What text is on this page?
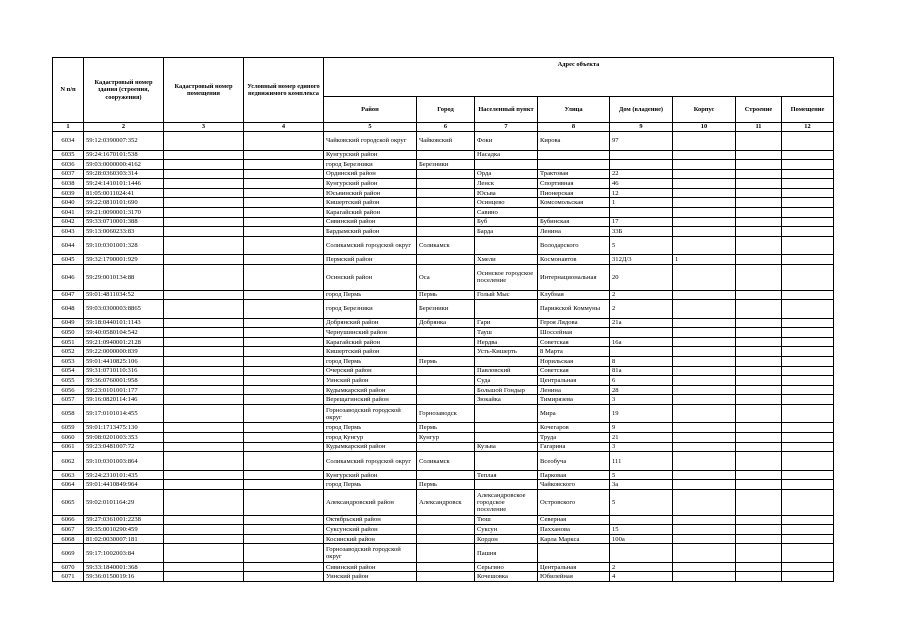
N п/п	Кадастровый номер здания (строения, сооружения)	Кадастровый номер помещения	Условный номер единого недвижимого комплекса	Адрес объекта							
				Район	Город	Населенный пункт	Улица	Дом (владение)	Корпус	Строение	Помещение
1	2	3	4	5	6	7	8	9	10	11	12
6034	59:12:0390007:352			Чайковский городской округ	Чайковский	Фоки	Кирова	97			
6035	59:24:1670101:538			Кунгурский район		Насадка					
6036	59:03:0000000:4162			город Березники	Березники						
6037	59:28:0360303:314			Ординский район		Орда	Трактовая	22			
6038	59:24:1410101:1446			Кунгурский район		Ленск	Спортивная	46			
6039	81:05:0011024:41			Юсьвинский район		Юсьва	Пионерская	12			
6040	59:22:0810101:690			Кишертский район		Осинцево	Комсомольская	1			
6041	59:21:0090001:3170			Карагайский район		Савино					
6042	59:33:0710001:388			Сивинский район		Буб	Бубинская	17			
6043	59:13:0060233:83			Бардымский район		Барда	Ленина	33Б			
6044	59:10:0301001:328			Соликамский городской округ	Соликамск		Володарского	5			
6045	59:32:1790001:929			Пермский район		Хмели	Космонавтов	312Д/3	1		
6046	59:29:0010134:88			Осинский район	Оса	Осинское городское поселение	Интернациональная	20			
6047	59:01:4811034:52			город Пермь	Пермь	Голый Мыс	Клубная	2			
6048	59:03:0300003:8865			город Березники	Березники		Парижской Коммуны	2			
6049	59:18:0440101:1143			Добрянский район	Добрянка	Гари	Героя Лядова	21а			
6050	59:40:0580104:542			Чернушинский район		Тауш	Шоссейная				
6051	59:21:0940001:2128			Карагайский район		Нердва	Советская	16а			
6052	59:22:0000000:839			Кишертский район		Усть-Кишерть	8 Марта				
6053	59:01:4410825:106			город Пермь	Пермь		Норильская	8			
6054	59:31:0710110:316			Очерский район		Павловский	Советская	81а			
6055	59:36:0760001:958			Уинский район		Суда	Центральная	6			
6056	59:23:0101001:177			Кудымкарский район		Большой Гондыр	Ленина	28			
6057	59:16:0820114:146			Верещагинский район		Зюкайка	Тимирязева	3			
6058	59:17:0101014:455			Горнозаводский городской округ	Горнозаводск		Мира	19			
6059	59:01:1713475:130			город Пермь	Пермь		Кочегаров	9			
6060	59:08:0201003:353			город Кунгур	Кунгур		Труда	21			
6061	59:23:0481007:72			Кудымкарский район		Кузьва	Гагарина	3			
6062	59:10:0301003:864			Соликамский городской округ	Соликамск		Всеобуча	111			
6063	59:24:2310101:435			Кунгурский район		Теплая	Парковая	5			
6064	59:01:4410849:964			город Пермь	Пермь		Чайковского	3а			
6065	59:02:0101164:29			Александровский район	Александровск	Александровское городское поселение	Островского	5			
6066	59:27:0361001:2238			Октябрьский район		Тюш	Северная				
6067	59:35:0010290:459			Суксунский район		Суксун	Пахханова	15			
6068	81:02:0030007:181			Косинский район		Кордон	Карла Маркса	100а			
6069	59:17:1002003:84			Горнозаводский городской округ		Пашня					
6070	59:33:1840001:368			Сивинский район		Серьгино	Центральная	2			
6071	59:36:0150019:16			Уинский район		Кочешовка	Юбилейная	4			
